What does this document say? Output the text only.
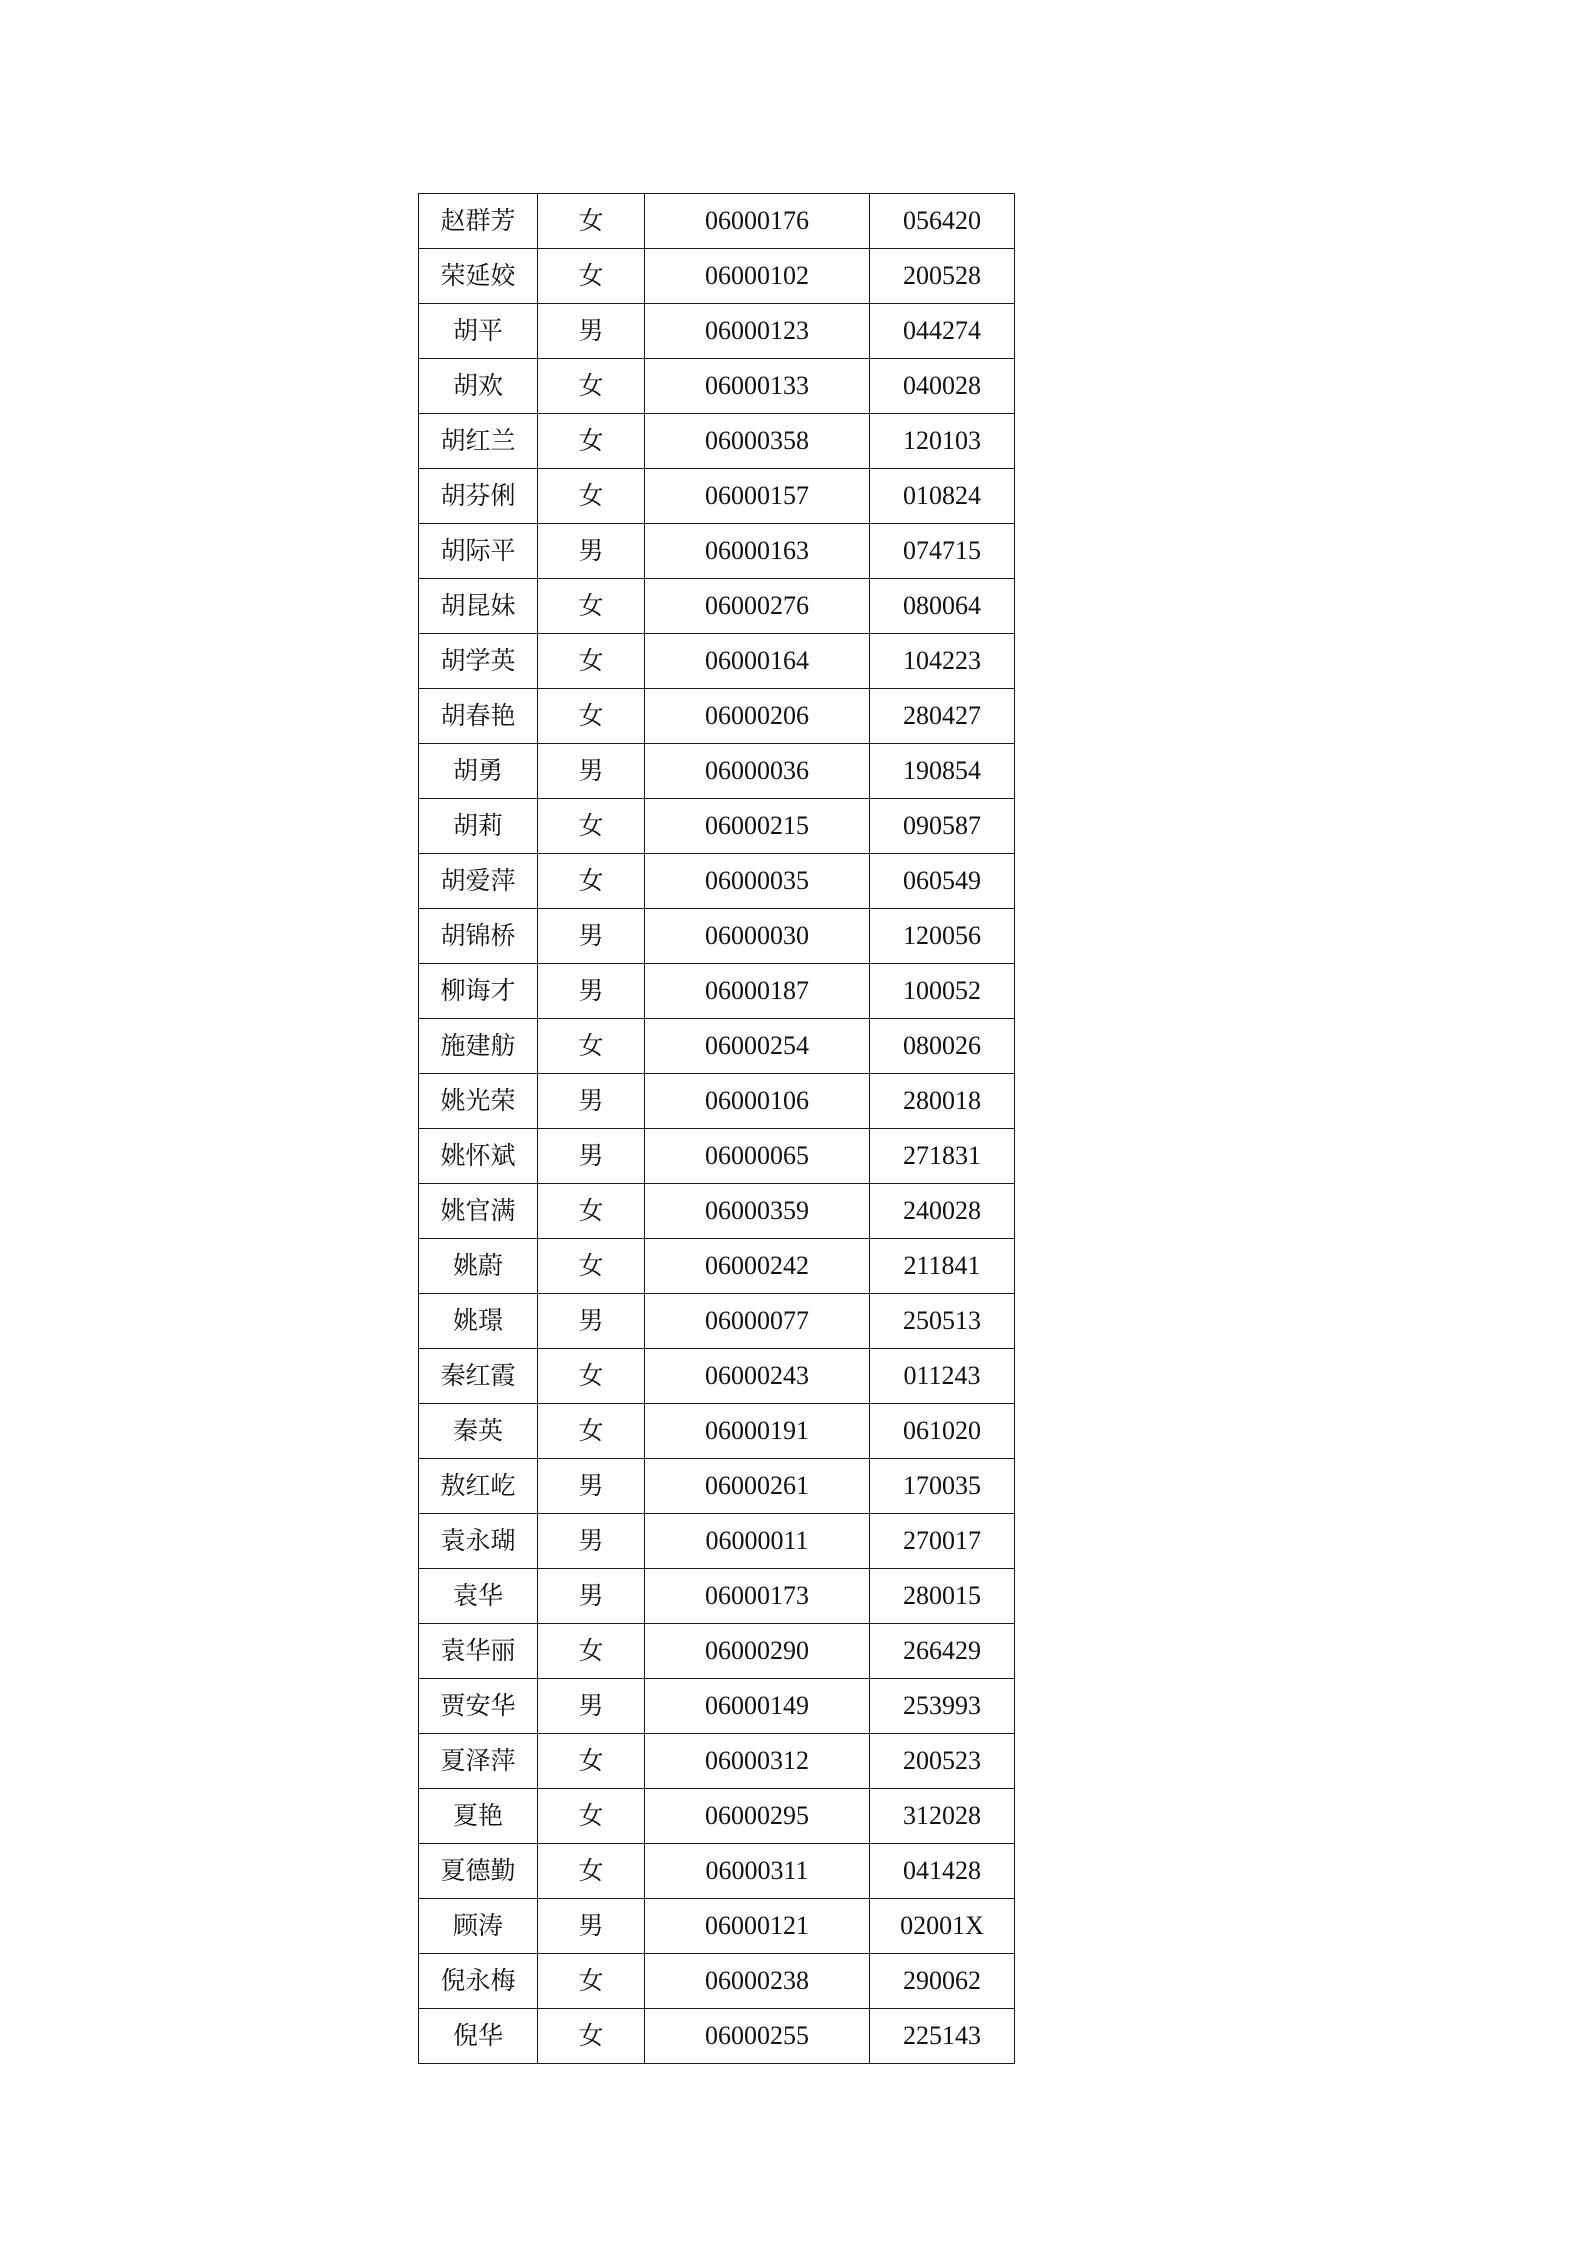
赵群芳	女	06000176	056420
荣延姣	女	06000102	200528
胡平	男	06000123	044274
胡欢	女	06000133	040028
胡红兰	女	06000358	120103
胡芬俐	女	06000157	010824
胡际平	男	06000163	074715
胡昆妹	女	06000276	080064
胡学英	女	06000164	104223
胡春艳	女	06000206	280427
胡勇	男	06000036	190854
胡莉	女	06000215	090587
胡爱萍	女	06000035	060549
胡锦桥	男	06000030	120056
柳诲才	男	06000187	100052
施建舫	女	06000254	080026
姚光荣	男	06000106	280018
姚怀斌	男	06000065	271831
姚官满	女	06000359	240028
姚蔚	女	06000242	211841
姚璟	男	06000077	250513
秦红霞	女	06000243	011243
秦英	女	06000191	061020
敖红屹	男	06000261	170035
袁永瑚	男	06000011	270017
袁华	男	06000173	280015
袁华丽	女	06000290	266429
贾安华	男	06000149	253993
夏泽萍	女	06000312	200523
夏艳	女	06000295	312028
夏德勤	女	06000311	041428
顾涛	男	06000121	02001X
倪永梅	女	06000238	290062
倪华	女	06000255	225143
